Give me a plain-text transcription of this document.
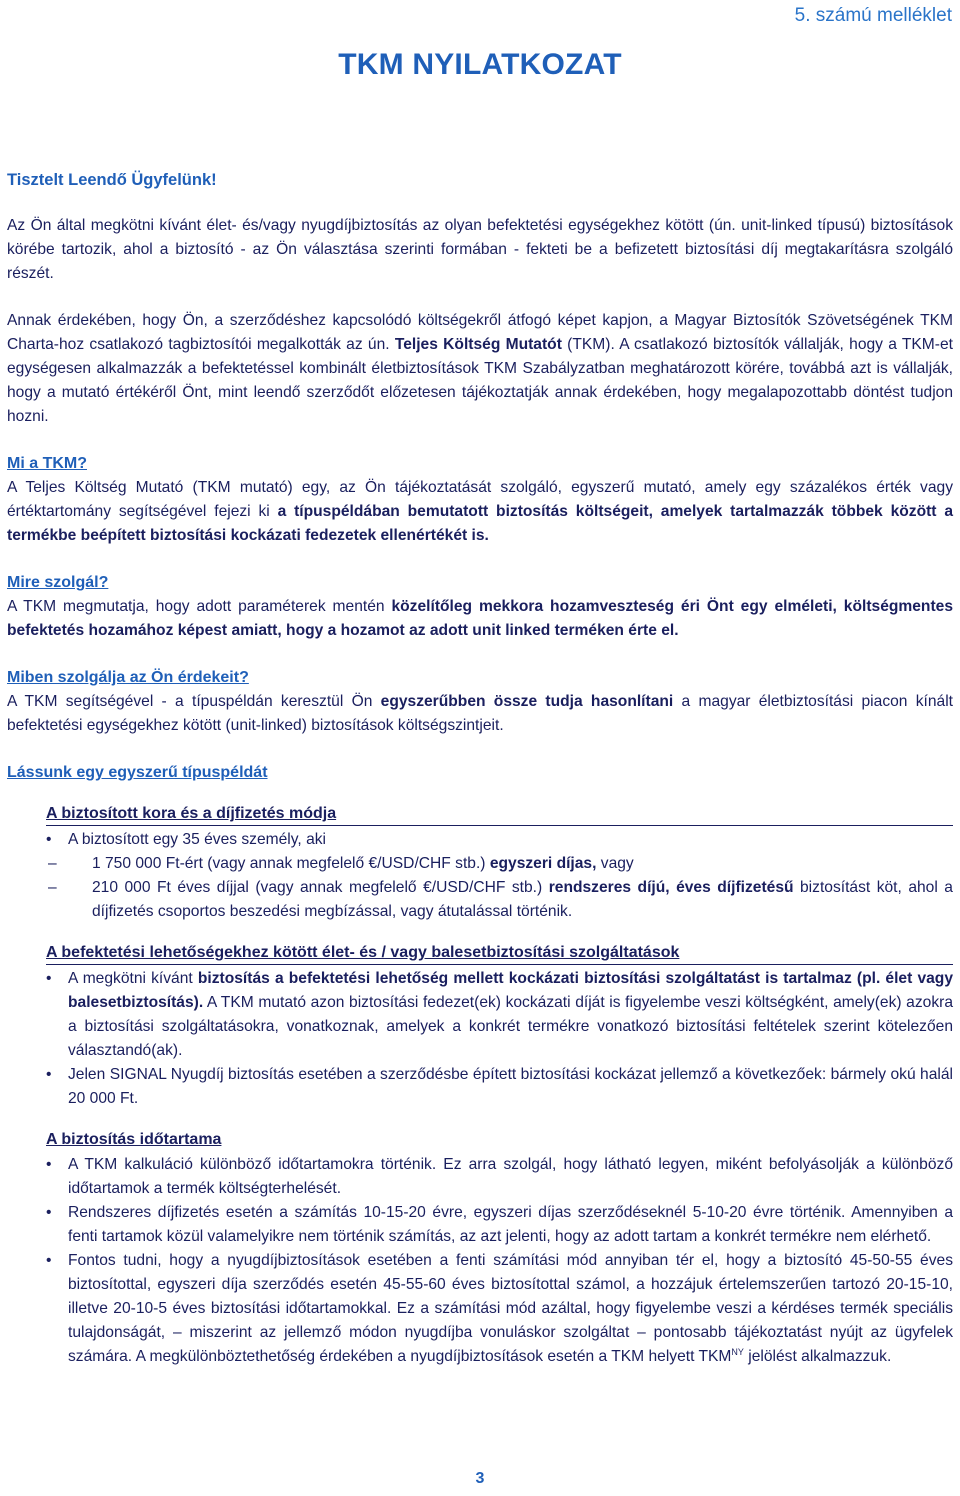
5. számú melléklet
TKM NYILATKOZAT

Tisztelt Leendő Ügyfelünk!

Az Ön által megkötni kívánt élet- és/vagy nyugdíjbiztosítás az olyan befektetési egységekhez kötött (ún. unit-linked típusú) biztosítások körébe tartozik, ahol a biztosító - az Ön választása szerinti formában - fekteti be a befizetett biztosítási díj megtakarításra szolgáló részét.

Annak érdekében, hogy Ön, a szerződéshez kapcsolódó költségekről átfogó képet kapjon, a Magyar Biztosítók Szövetségének TKM Charta-hoz csatlakozó tagbiztosítói megalkották az ún. Teljes Költség Mutatót (TKM). A csatlakozó biztosítók vállalják, hogy a TKM-et egységesen alkalmazzák a befektetéssel kombinált életbiztosítások TKM Szabályzatban meghatározott körére, továbbá azt is vállalják, hogy a mutató értékéről Önt, mint leendő szerződőt előzetesen tájékoztatják annak érdekében, hogy megalapozottabb döntést tudjon hozni.

Mi a TKM?

A Teljes Költség Mutató (TKM mutató) egy, az Ön tájékoztatását szolgáló, egyszerű mutató, amely egy százalékos érték vagy értéktartomány segítségével fejezi ki a típuspéldában bemutatott biztosítás költségeit, amelyek tartalmazzák többek között a termékbe beépített biztosítási kockázati fedezetek ellenértékét is.

Mire szolgál?

A TKM megmutatja, hogy adott paraméterek mentén közelítőleg mekkora hozamveszteség éri Önt egy elméleti, költségmentes befektetés hozamához képest amiatt, hogy a hozamot az adott unit linked terméken érte el.

Miben szolgálja az Ön érdekeit?

A TKM segítségével - a típuspéldán keresztül Ön egyszerűbben össze tudja hasonlítani a magyar életbiztosítási piacon kínált befektetési egységekhez kötött (unit-linked) biztosítások költségszintjeit.

Lássunk egy egyszerű típuspéldát
A biztosított kora és a díjfizetés módja
• A biztosított egy 35 éves személy, aki
– 1 750 000 Ft-ért (vagy annak megfelelő €/USD/CHF stb.) egyszeri díjas, vagy
– 210 000 Ft éves díjjal (vagy annak megfelelő €/USD/CHF stb.) rendszeres díjú, éves díjfizetésű biztosítást köt, ahol a díjfizetés csoportos beszedési megbízással, vagy átutalással történik.
A befektetési lehetőségekhez kötött élet- és / vagy balesetbiztosítási szolgáltatások
• A megkötni kívánt biztosítás a befektetési lehetőség mellett kockázati biztosítási szolgáltatást is tartalmaz (pl. élet vagy balesetbiztosítás). A TKM mutató azon biztosítási fedezet(ek) kockázati díját is figyelembe veszi költségként, amely(ek) azokra a biztosítási szolgáltatásokra, vonatkoznak, amelyek a konkrét termékre vonatkozó biztosítási feltételek szerint kötelezően választandó(ak).
• Jelen SIGNAL Nyugdíj biztosítás esetében a szerződésbe épített biztosítási kockázat jellemző a következőek: bármely okú halál 20 000 Ft.
A biztosítás időtartama
• A TKM kalkuláció különböző időtartamokra történik. Ez arra szolgál, hogy látható legyen, miként befolyásolják a különböző időtartamok a termék költségterhelését.
• Rendszeres díjfizetés esetén a számítás 10-15-20 évre, egyszeri díjas szerződéseknél 5-10-20 évre történik. Amennyiben a fenti tartamok közül valamelyikre nem történik számítás, az azt jelenti, hogy az adott tartam a konkrét termékre nem elérhető.
• Fontos tudni, hogy a nyugdíjbiztosítások esetében a fenti számítási mód annyiban tér el, hogy a biztosító 45-50-55 éves biztosítottal, egyszeri díja szerződés esetén 45-55-60 éves biztosítottal számol, a hozzájuk értelemszerűen tartozó 20-15-10, illetve 20-10-5 éves biztosítási időtartamokkal. Ez a számítási mód azáltal, hogy figyelembe veszi a kérdéses termék speciális tulajdonságát, – miszerint az jellemző módon nyugdíjba vonuláskor szolgáltat – pontosabb tájékoztatást nyújt az ügyfelek számára. A megkülönböztethetőség érdekében a nyugdíjbiztosítások esetén a TKM helyett $TKM^{NY}$ jelölést alkalmazzuk.
3
